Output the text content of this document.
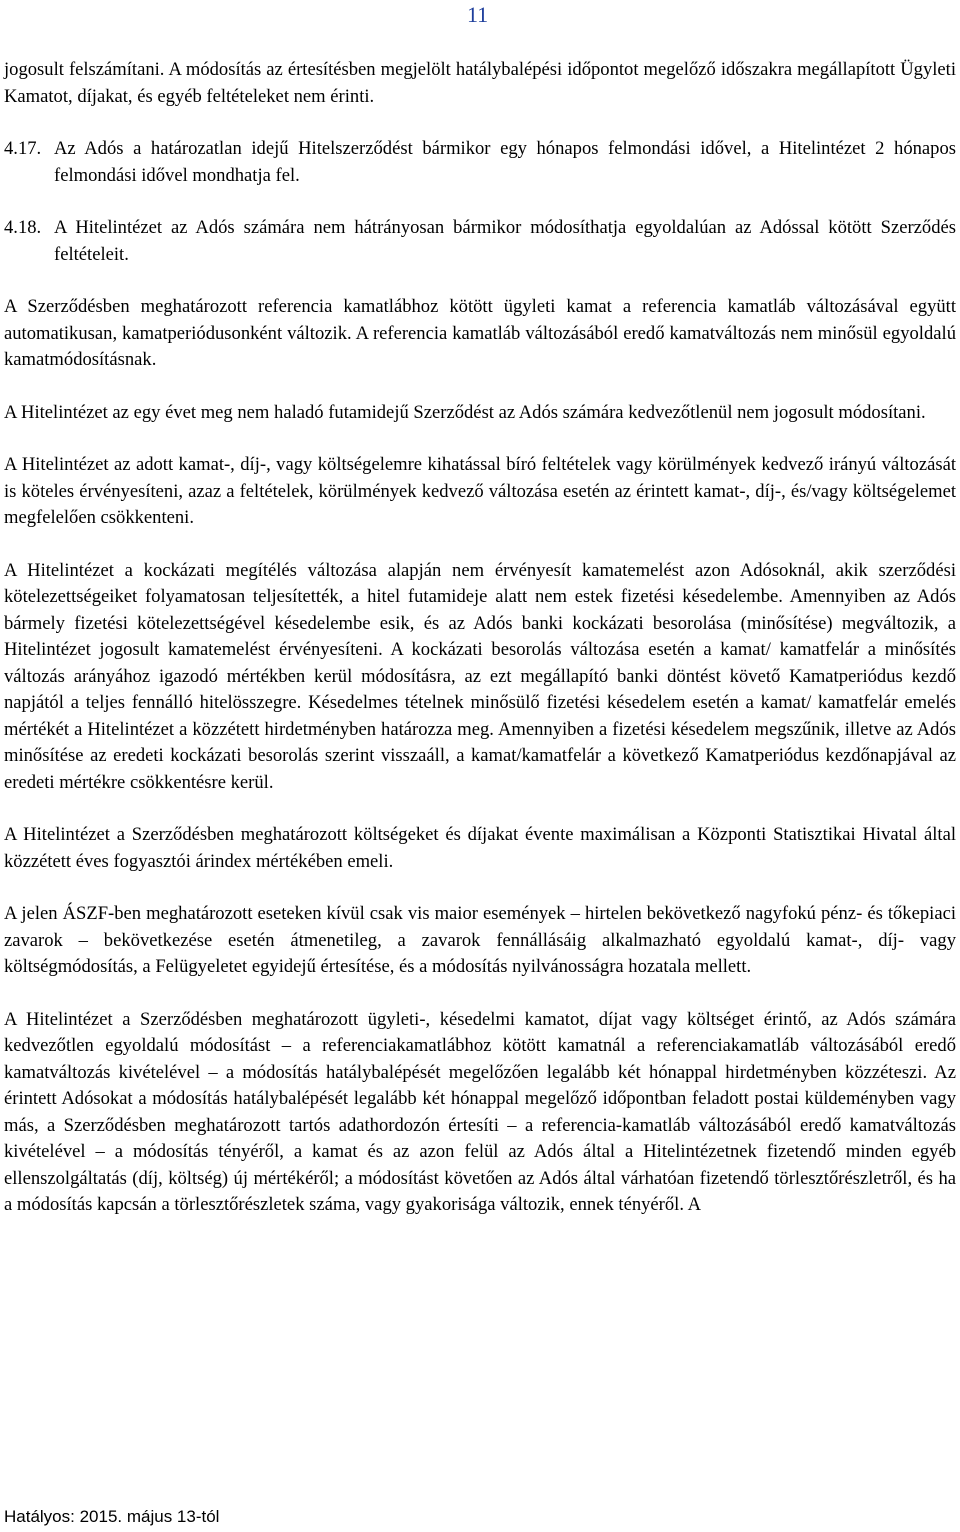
11

jogosult felszámítani. A módosítás az értesítésben megjelölt hatálybalépési időpontot megelőző időszakra megállapított Ügyleti Kamatot, díjakat, és egyéb feltételeket nem érinti.

4.17. Az Adós a határozatlan idejű Hitelszerződést bármikor egy hónapos felmondási idővel, a Hitelintézet 2 hónapos felmondási idővel mondhatja fel.
4.18. A Hitelintézet az Adós számára nem hátrányosan bármikor módosíthatja egyoldalúan az Adóssal kötött Szerződés feltételeit.

A Szerződésben meghatározott referencia kamatlábhoz kötött ügyleti kamat a referencia kamatláb változásával együtt automatikusan, kamatperiódusonként változik. A referencia kamatláb változásából eredő kamatváltozás nem minősül egyoldalú kamatmódosításnak.

A Hitelintézet az egy évet meg nem haladó futamidejű Szerződést az Adós számára kedvezőtlenül nem jogosult módosítani.

A Hitelintézet az adott kamat-, díj-, vagy költségelemre kihatással bíró feltételek vagy körülmények kedvező irányú változását is köteles érvényesíteni, azaz a feltételek, körülmények kedvező változása esetén az érintett kamat-, díj-, és/vagy költségelemet megfelelően csökkenteni.

A Hitelintézet a kockázati megítélés változása alapján nem érvényesít kamatemelést azon Adósoknál, akik szerződési kötelezettségeiket folyamatosan teljesítették, a hitel futamideje alatt nem estek fizetési késedelembe. Amennyiben az Adós bármely fizetési kötelezettségével késedelembe esik, és az Adós banki kockázati besorolása (minősítése) megváltozik, a Hitelintézet jogosult kamatemelést érvényesíteni. A kockázati besorolás változása esetén a kamat/ kamatfelár a minősítés változás arányához igazodó mértékben kerül módosításra, az ezt megállapító banki döntést követő Kamatperiódus kezdő napjától a teljes fennálló hitelösszegre. Késedelmes tételnek minősülő fizetési késedelem esetén a kamat/ kamatfelár emelés mértékét a Hitelintézet a közzétett hirdetményben határozza meg. Amennyiben a fizetési késedelem megszűnik, illetve az Adós minősítése az eredeti kockázati besorolás szerint visszaáll, a kamat/kamatfelár a következő Kamatperiódus kezdőnapjával az eredeti mértékre csökkentésre kerül.

A Hitelintézet a Szerződésben meghatározott költségeket és díjakat évente maximálisan a Központi Statisztikai Hivatal által közzétett éves fogyasztói árindex mértékében emeli.

A jelen ÁSZF-ben meghatározott eseteken kívül csak vis maior események – hirtelen bekövetkező nagyfokú pénz- és tőkepiaci zavarok – bekövetkezése esetén átmenetileg, a zavarok fennállásáig alkalmazható egyoldalú kamat-, díj- vagy költségmódosítás, a Felügyeletet egyidejű értesítése, és a módosítás nyilvánosságra hozatala mellett.

A Hitelintézet a Szerződésben meghatározott ügyleti-, késedelmi kamatot, díjat vagy költséget érintő, az Adós számára kedvezőtlen egyoldalú módosítást – a referenciakamatlábhoz kötött kamatnál a referenciakamatláb változásából eredő kamatváltozás kivételével – a módosítás hatálybalépését megelőzően legalább két hónappal hirdetményben közzéteszi. Az érintett Adósokat a módosítás hatálybalépését legalább két hónappal megelőző időpontban feladott postai küldeményben vagy más, a Szerződésben meghatározott tartós adathordozón értesíti – a referencia-kamatláb változásából eredő kamatváltozás kivételével – a módosítás tényéről, a kamat és az azon felül az Adós által a Hitelintézetnek fizetendő minden egyéb ellenszolgáltatás (díj, költség) új mértékéről; a módosítást követően az Adós által várhatóan fizetendő törlesztőrészletről, és ha a módosítás kapcsán a törlesztőrészletek száma, vagy gyakorisága változik, ennek tényéről. A

Hatályos: 2015. május 13-tól
